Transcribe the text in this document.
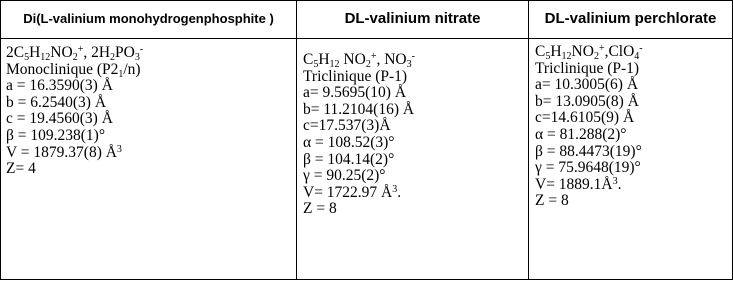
Di(L-valinium monohydrogenphosphite )	DL-valinium nitrate	DL-valinium perchlorate
$2C_5H_{12}NO_2^+$, $2H_2PO_3^-$
Monoclinique $(P2_1/n)$
a = 16.3590(3) Å
b = 6.2540(3) Å
c = 19.4560(3) Å
β = 109.238(1)°
V = 1879.37(8) $Å^3$
Z= 4
$C_5H_{12}$ $NO_2^+$, $NO_3^-$
Triclinique (P-1)
a= 9.5695(10) Å
b= 11.2104(16) Å
c=17.537(3)Å
α = 108.52(3)°
β = 104.14(2)°
γ = 90.25(2)°
V= 1722.97 $Å^3$.
Z = 8
$C_5H_{12}NO_2^+,ClO_4^-$
Triclinique (P-1)
a= 10.3005(6) Å
b= 13.0905(8) Å
c=14.6105(9) Å
α = 81.288(2)°
β = 88.4473(19)°
γ = 75.9648(19)°
$V= 1889.1Å^3$.
Z = 8
